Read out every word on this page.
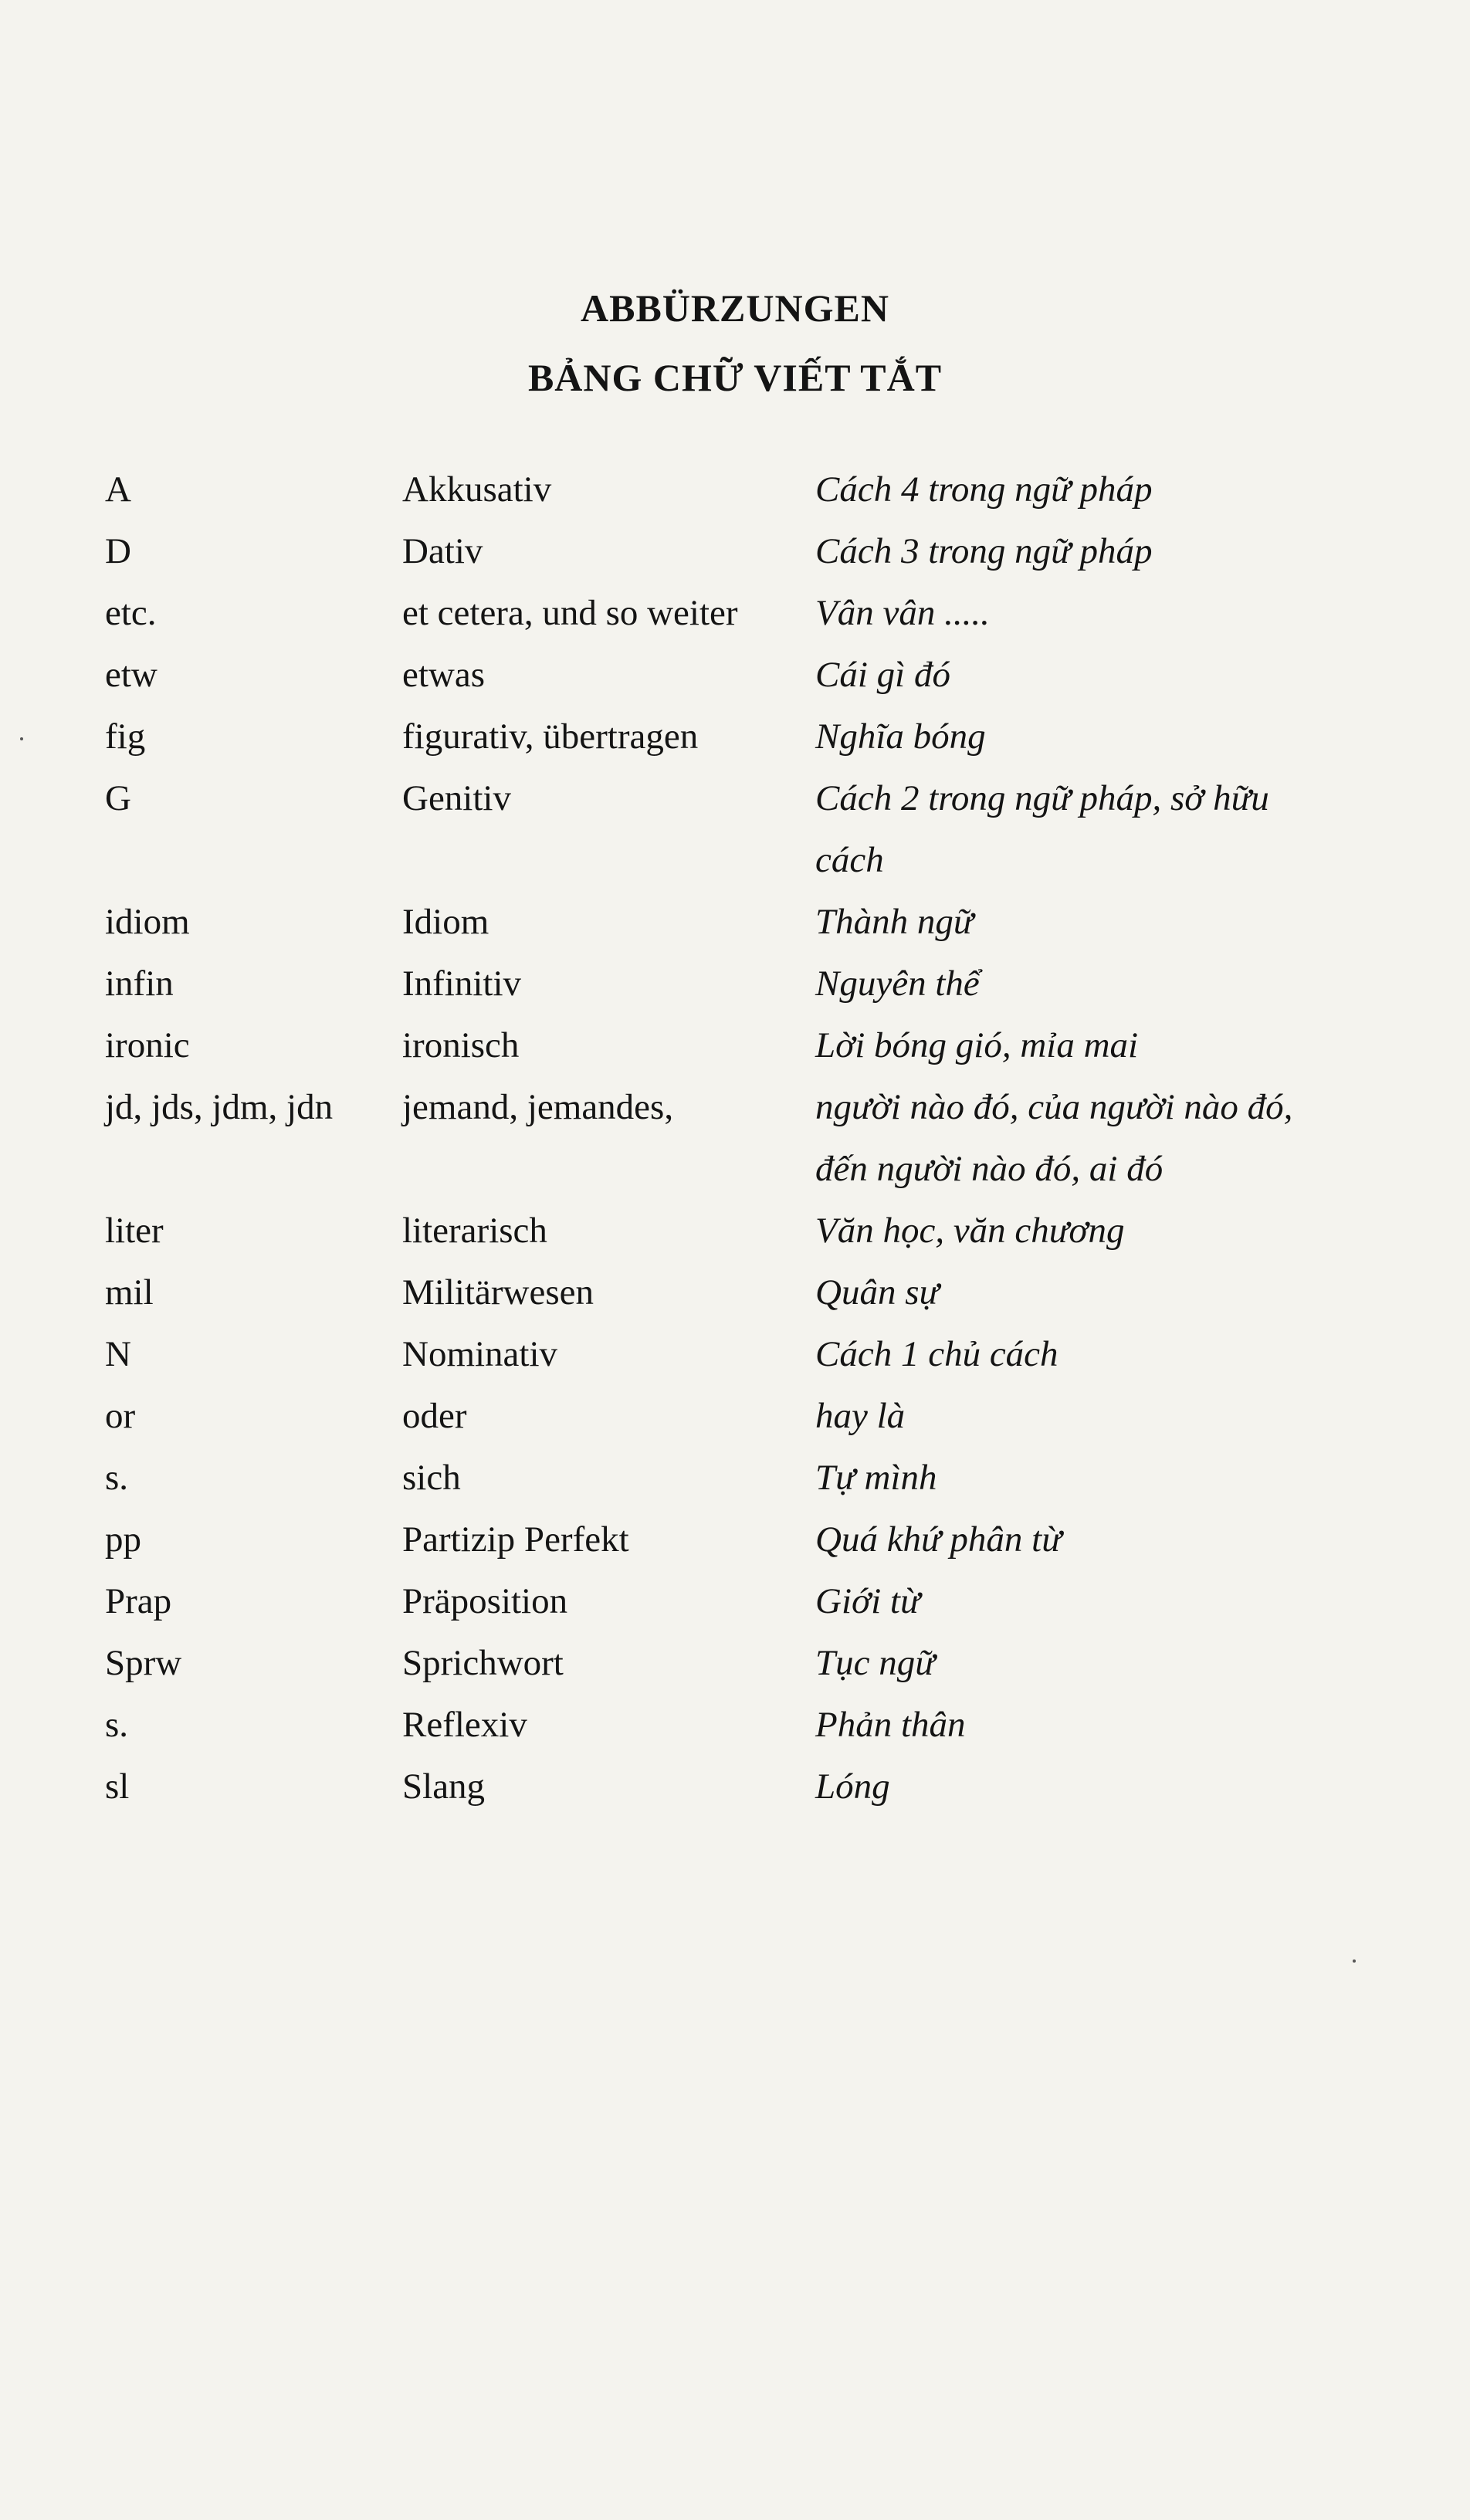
ABBÜRZUNGEN
BẢNG CHỮ VIẾT TẮT
A	Akkusativ	Cách 4 trong ngữ pháp
D	Dativ	Cách 3 trong ngữ pháp
etc.	et cetera, und so weiter	Vân vân .....
etw	etwas	Cái gì đó
fig	figurativ, übertragen	Nghĩa bóng
G	Genitiv	Cách 2 trong ngữ pháp, sở hữu
cách
idiom	Idiom	Thành ngữ
infin	Infinitiv	Nguyên thể
ironic	ironisch	Lời bóng gió, mỉa mai
jd, jds, jdm, jdn	jemand, jemandes,	người nào đó, của người nào đó,
đến người nào đó, ai đó
liter	literarisch	Văn học, văn chương
mil	Militärwesen	Quân sự
N	Nominativ	Cách 1 chủ cách
or	oder	hay là
s.	sich	Tự mình
pp	Partizip Perfekt	Quá khứ phân từ
Prap	Präposition	Giới từ
Sprw	Sprichwort	Tục ngữ
s.	Reflexiv	Phản thân
sl	Slang	Lóng
